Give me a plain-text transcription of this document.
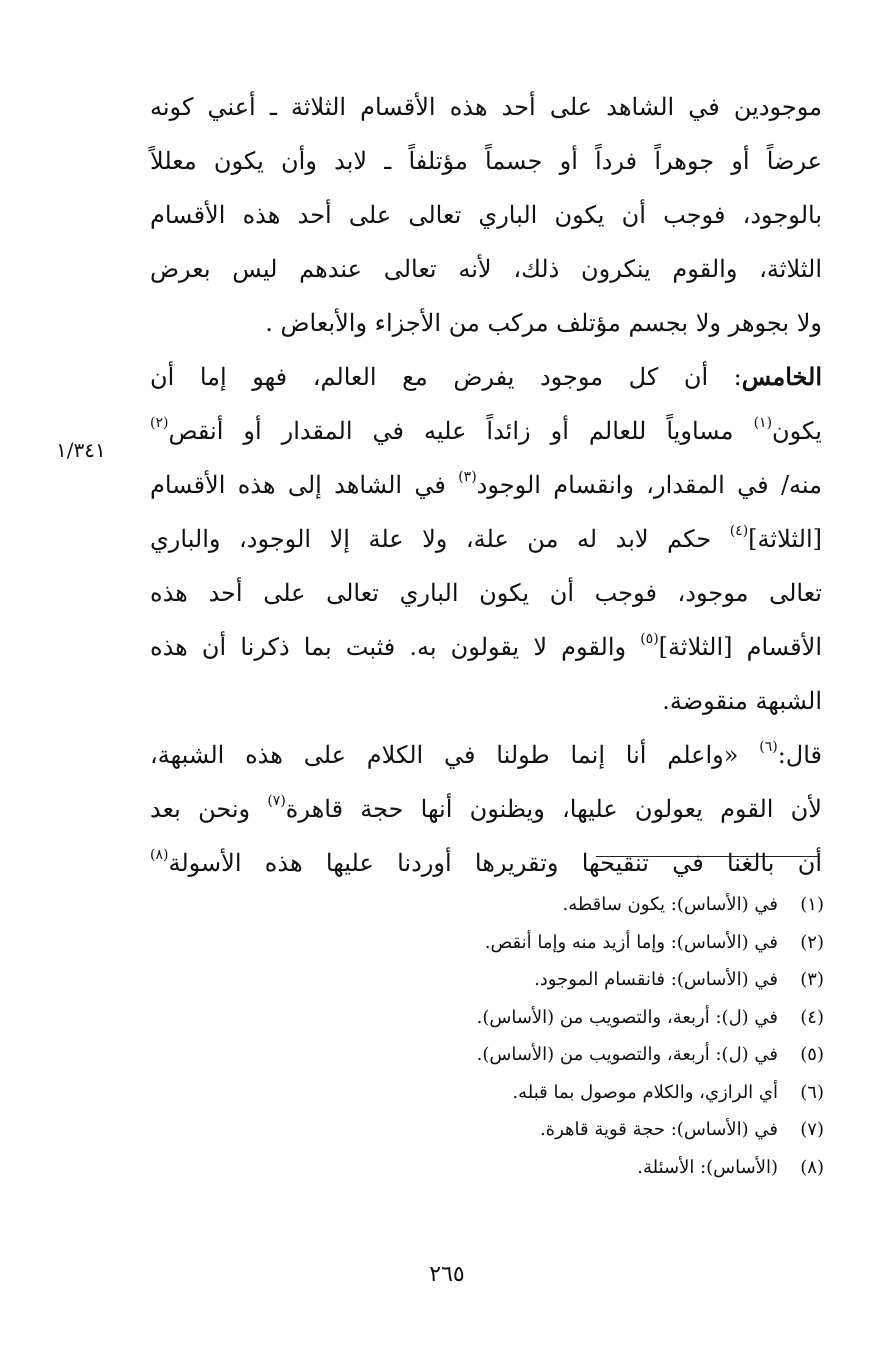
١/٣٤١
موجودين في الشاهد على أحد هذه الأقسام الثلاثة ـ أعني كونه
عرضاً أو جوهراً فرداً أو جسماً مؤتلفاً ـ لابد وأن يكون معللاً
بالوجود، فوجب أن يكون الباري تعالى على أحد هذه الأقسام
الثلاثة، والقوم ينكرون ذلك، لأنه تعالى عندهم ليس بعرض
ولا بجوهر ولا بجسم مؤتلف مركب من الأجزاء والأبعاض .
الخامس: أن كل موجود يفرض مع العالم، فهو إما أن
يكون$^{(١)}$ مساوياً للعالم أو زائداً عليه في المقدار أو أنقص$^{(٢)}$
منه/ في المقدار، وانقسام الوجود$^{(٣)}$ في الشاهد إلى هذه الأقسام
[الثلاثة]$^{(٤)}$ حكم لابد له من علة، ولا علة إلا الوجود، والباري
تعالى موجود، فوجب أن يكون الباري تعالى على أحد هذه
الأقسام [الثلاثة]$^{(٥)}$ والقوم لا يقولون به. فثبت بما ذكرنا أن هذه
الشبهة منقوضة.
قال:$^{(٦)}$ «واعلم أنا إنما طولنا في الكلام على هذه الشبهة،
لأن القوم يعولون عليها، ويظنون أنها حجة قاهرة$^{(٧)}$ ونحن بعد
أن بالغنا في تنقيحها وتقريرها أوردنا عليها هذه الأسولة$^{(٨)}$
(١)في (الأساس): يكون ساقطه.
(٢)في (الأساس): وإما أزيد منه وإما أنقص.
(٣)في (الأساس): فانقسام الموجود.
(٤)في (ل): أربعة، والتصويب من (الأساس).
(٥)في (ل): أربعة، والتصويب من (الأساس).
(٦)أي الرازي، والكلام موصول بما قبله.
(٧)في (الأساس): حجة قوية قاهرة.
(٨)(الأساس): الأسئلة.
٢٦٥
